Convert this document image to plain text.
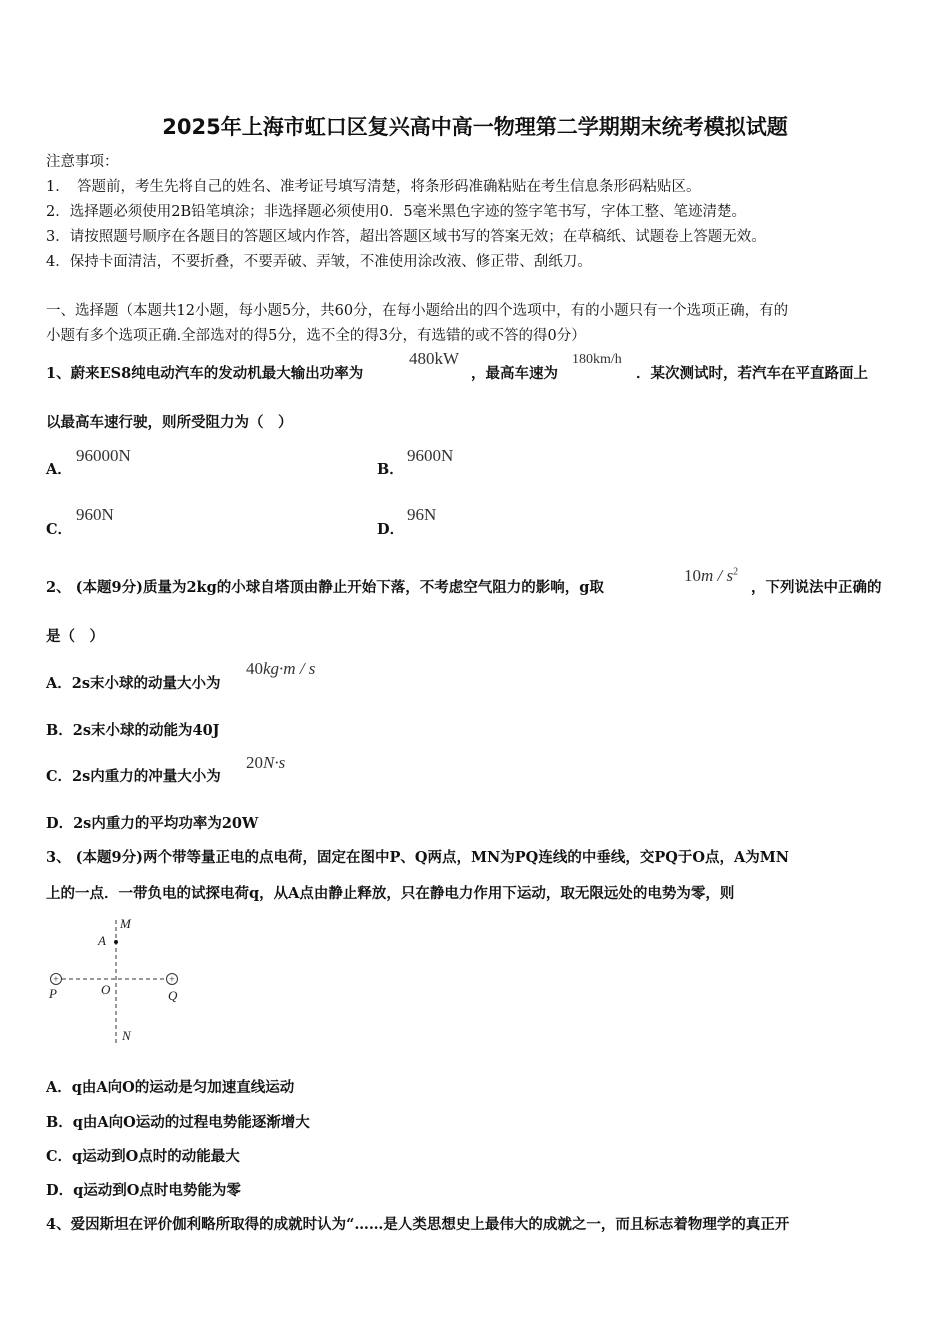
2025年上海市虹口区复兴高中高一物理第二学期期末统考模拟试题
注意事项：
1．　答题前，考生先将自己的姓名、准考证号填写清楚，将条形码准确粘贴在考生信息条形码粘贴区。
2．选择题必须使用2B铅笔填涂；非选择题必须使用0．5毫米黑色字迹的签字笔书写，字体工整、笔迹清楚。
3．请按照题号顺序在各题目的答题区域内作答，超出答题区域书写的答案无效；在草稿纸、试题卷上答题无效。
4．保持卡面清洁，不要折叠，不要弄破、弄皱，不准使用涂改液、修正带、刮纸刀。
一、选择题（本题共12小题，每小题5分，共60分，在每小题给出的四个选项中，有的小题只有一个选项正确，有的
小题有多个选项正确.全部选对的得5分，选不全的得3分，有选错的或不答的得0分）
1、蔚来ES8纯电动汽车的发动机最大输出功率为
480kW
，最高车速为
180km/h
．某次测试时，若汽车在平直路面上
以最高车速行驶，则所受阻力为（　）
A．
96000N
B．
9600N
C．
960N
D．
96N
2、 (本题9分)质量为2kg的小球自塔顶由静止开始下落，不考虑空气阻力的影响，g取
$10m / s^2$
，下列说法中正确的
是（　）
A．2s末小球的动量大小为
40kg·m / s
B．2s末小球的动能为40J
C．2s内重力的冲量大小为
20N·s
D．2s内重力的平均功率为20W
3、 (本题9分)两个带等量正电的点电荷，固定在图中P、Q两点，MN为PQ连线的中垂线，交PQ于O点，A为MN
上的一点．一带负电的试探电荷q，从A点由静止释放，只在静电力作用下运动，取无限远处的电势为零，则
+	+
M
A
P	O	Q
N
A．q由A向O的运动是匀加速直线运动
B．q由A向O运动的过程电势能逐渐增大
C．q运动到O点时的动能最大
D．q运动到O点时电势能为零
4、爱因斯坦在评价伽利略所取得的成就时认为“……是人类思想史上最伟大的成就之一，而且标志着物理学的真正开
